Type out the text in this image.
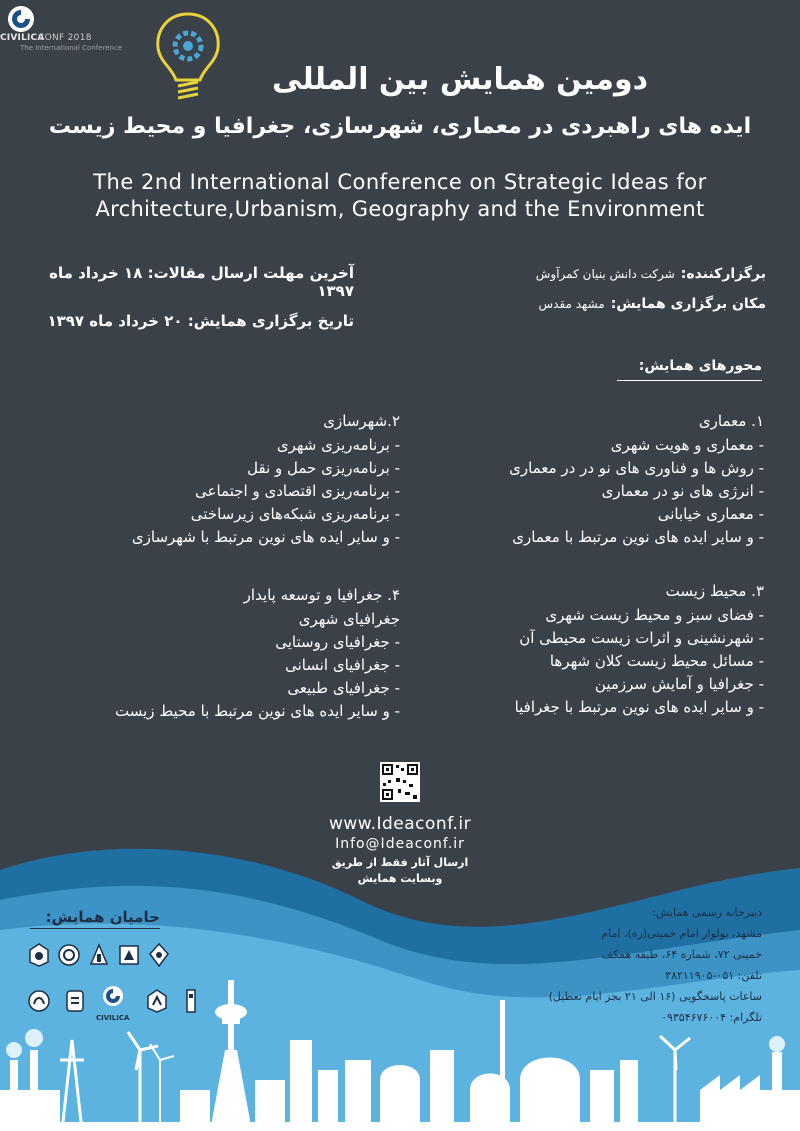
CIVILICA
CONF 2018
The International Conference
دومین همایش بین المللی
ایده های راهبردی در معماری، شهرسازی، جغرافیا و محیط زیست
The 2nd International Conference on Strategic Ideas for
Architecture,Urbanism, Geography and the Environment
برگزارکننده:
شرکت دانش بنیان کمرآوش
مکان برگزاری همایش:
مشهد مقدس
آخرین مهلت ارسال مقالات: ۱۸ خرداد ماه ۱۳۹۷
تاریخ برگزاری همایش: ۲۰ خرداد ماه ۱۳۹۷
محورهای همایش:
۱. معماری
- معماری و هویت شهری
- روش ها و فناوری های نو در در معماری
- انرژی های نو در معماری
- معماری خیابانی
- و سایر ایده های نوین مرتبط با معماری
۲.شهرسازی
- برنامه‌ریزی شهری
- برنامه‌ریزی حمل و نقل
- برنامه‌ریزی اقتصادی و اجتماعی
- برنامه‌ریزی شبکه‌های زیرساختی
- و سایر ایده های نوین مرتبط با شهرسازی
۳. محیط زیست
- فضای سبز و محیط زیست شهری
- شهرنشینی و اثرات زیست محیطی آن
- مسائل محیط زیست کلان شهرها
- جغرافیا و آمایش سرزمین
- و سایر ایده های نوین مرتبط با جغرافیا
۴. جغرافیا و توسعه پایدار
جغرافیای شهری
- جغرافیای روستایی
- جغرافیای انسانی
- جغرافیای طبیعی
- و سایر ایده های نوین مرتبط با محیط زیست
www.Ideaconf.ir
Info@Ideaconf.ir
ارسال آثار فقط از طریق
وبسایت همایش
حامیان همایش:
CIVILICA
دبیرخانه رسمی همایش:
مشهد، بولوار امام خمینی(ره)، امام
خمینی ۷۲، شماره ۶۴، طبقه همکف
تلفن: ۰۵۱-۳۸۲۱۱۹۰۵
ساعات پاسخگویی (۱۶ الی ۲۱ بجز ایام تعطیل)
تلگرام: ۰۹۳۵۴۶۷۶۰۰۴
